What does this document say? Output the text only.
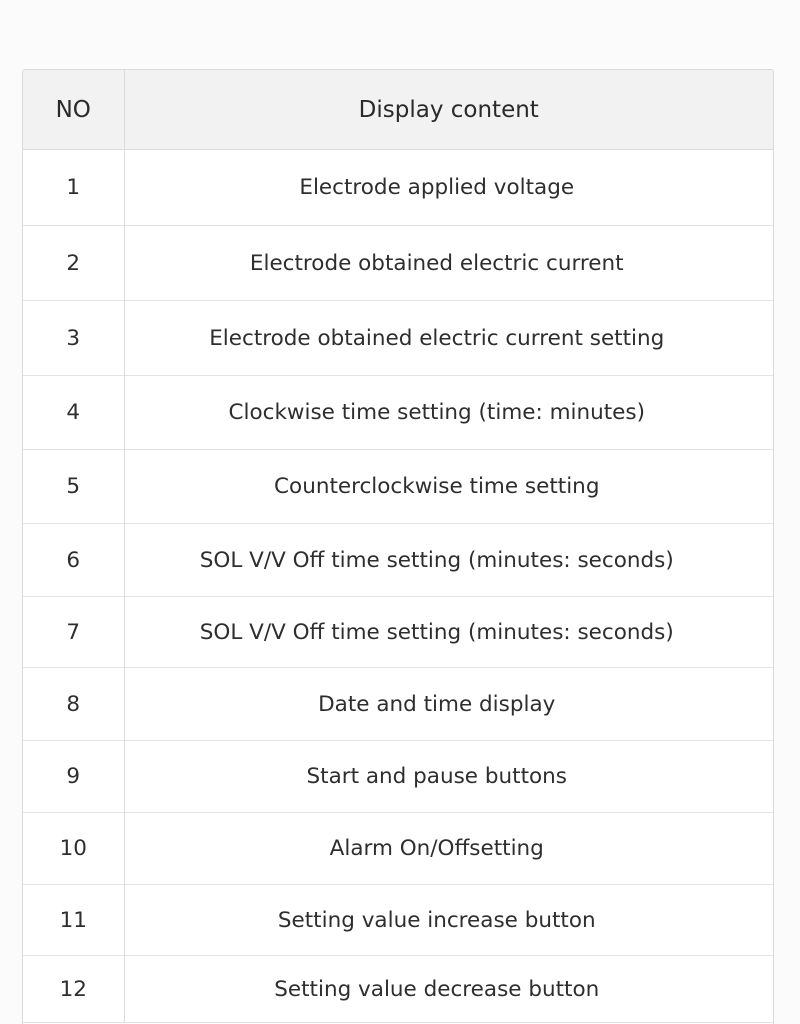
NO	Display content
1	Electrode applied voltage
2	Electrode obtained electric current
3	Electrode obtained electric current setting
4	Clockwise time setting (time: minutes)
5	Counterclockwise time setting
6	SOL V/V Off time setting (minutes: seconds)
7	SOL V/V Off time setting (minutes: seconds)
8	Date and time display
9	Start and pause buttons
10	Alarm On/Offsetting
11	Setting value increase button
12	Setting value decrease button
